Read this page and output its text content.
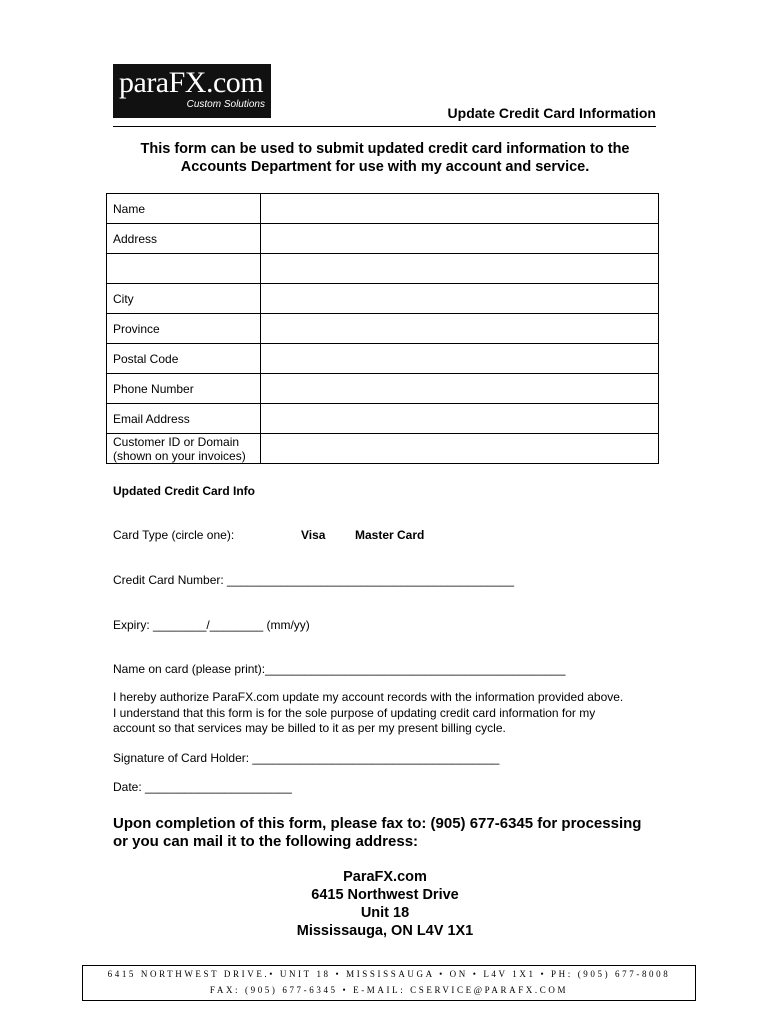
paraFX.com
Custom Solutions
Update Credit Card Information
This form can be used to submit updated credit card information to the
Accounts Department for use with my account and service.
Name	
Address	

City	
Province	
Postal Code	
Phone Number	
Email Address	

Customer ID or Domain
(shown on your invoices)	

Updated Credit Card Info
Card Type (circle one):	Visa Master Card
Credit Card Number: ___________________________________________
Expiry: ________/________ (mm/yy)
Name on card (please print):_____________________________________________
I hereby authorize ParaFX.com update my account records with the information provided above.
I understand that this form is for the sole purpose of updating credit card information for my
account so that services may be billed to it as per my present billing cycle.
Signature of Card Holder: _____________________________________
Date: ______________________
Upon completion of this form, please fax to: (905) 677-6345 for processing
or you can mail it to the following address:
ParaFX.com
6415 Northwest Drive
Unit 18
Mississauga, ON L4V 1X1
6415 NORTHWEST DRIVE.• UNIT 18 • MISSISSAUGA • ON • L4V 1X1 • PH: (905) 677-8008
FAX: (905) 677-6345 • E-MAIL: CSERVICE@PARAFX.COM
